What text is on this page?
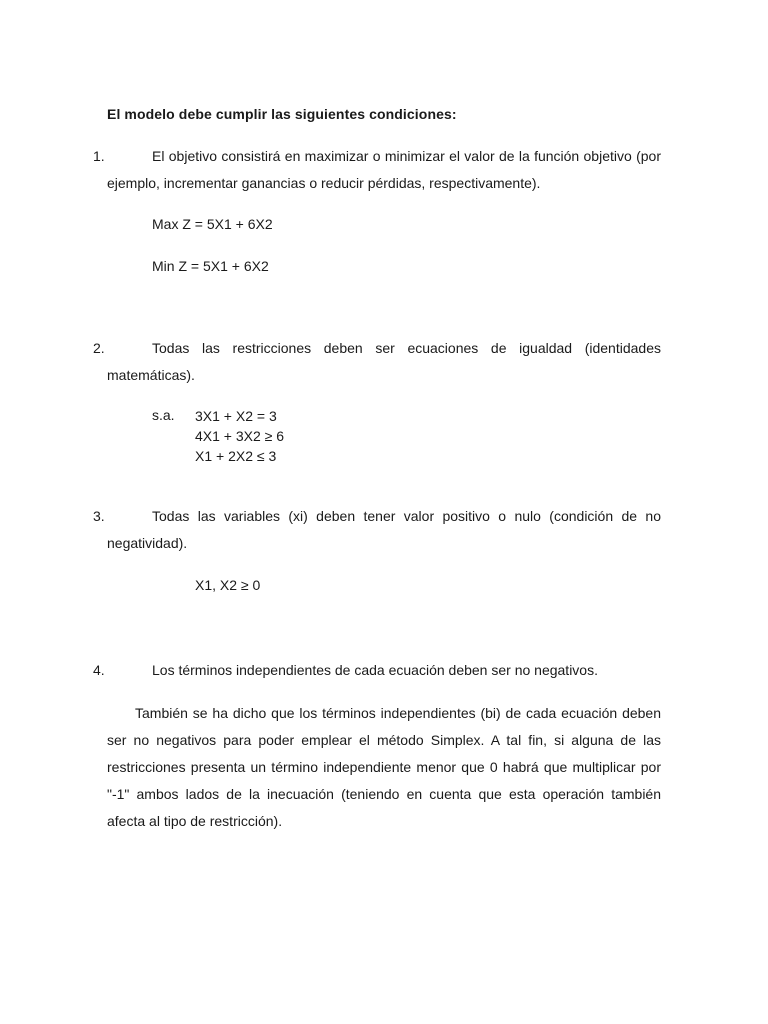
El modelo debe cumplir las siguientes condiciones:
1.	El objetivo consistirá en maximizar o minimizar el valor de la función objetivo (por ejemplo, incrementar ganancias o reducir pérdidas, respectivamente).
Max Z = 5X1 + 6X2
Min Z = 5X1 + 6X2
2.	Todas las restricciones deben ser ecuaciones de igualdad (identidades matemáticas).
s.a. 3X1 + X2 = 3
4X1 + 3X2 ≥ 6
X1 + 2X2 ≤ 3
3.	Todas las variables (xi) deben tener valor positivo o nulo (condición de no negatividad).
X1, X2 ≥ 0
4.	Los términos independientes de cada ecuación deben ser no negativos.
También se ha dicho que los términos independientes (bi) de cada ecuación deben ser no negativos para poder emplear el método Simplex. A tal fin, si alguna de las restricciones presenta un término independiente menor que 0 habrá que multiplicar por "-1" ambos lados de la inecuación (teniendo en cuenta que esta operación también afecta al tipo de restricción).
